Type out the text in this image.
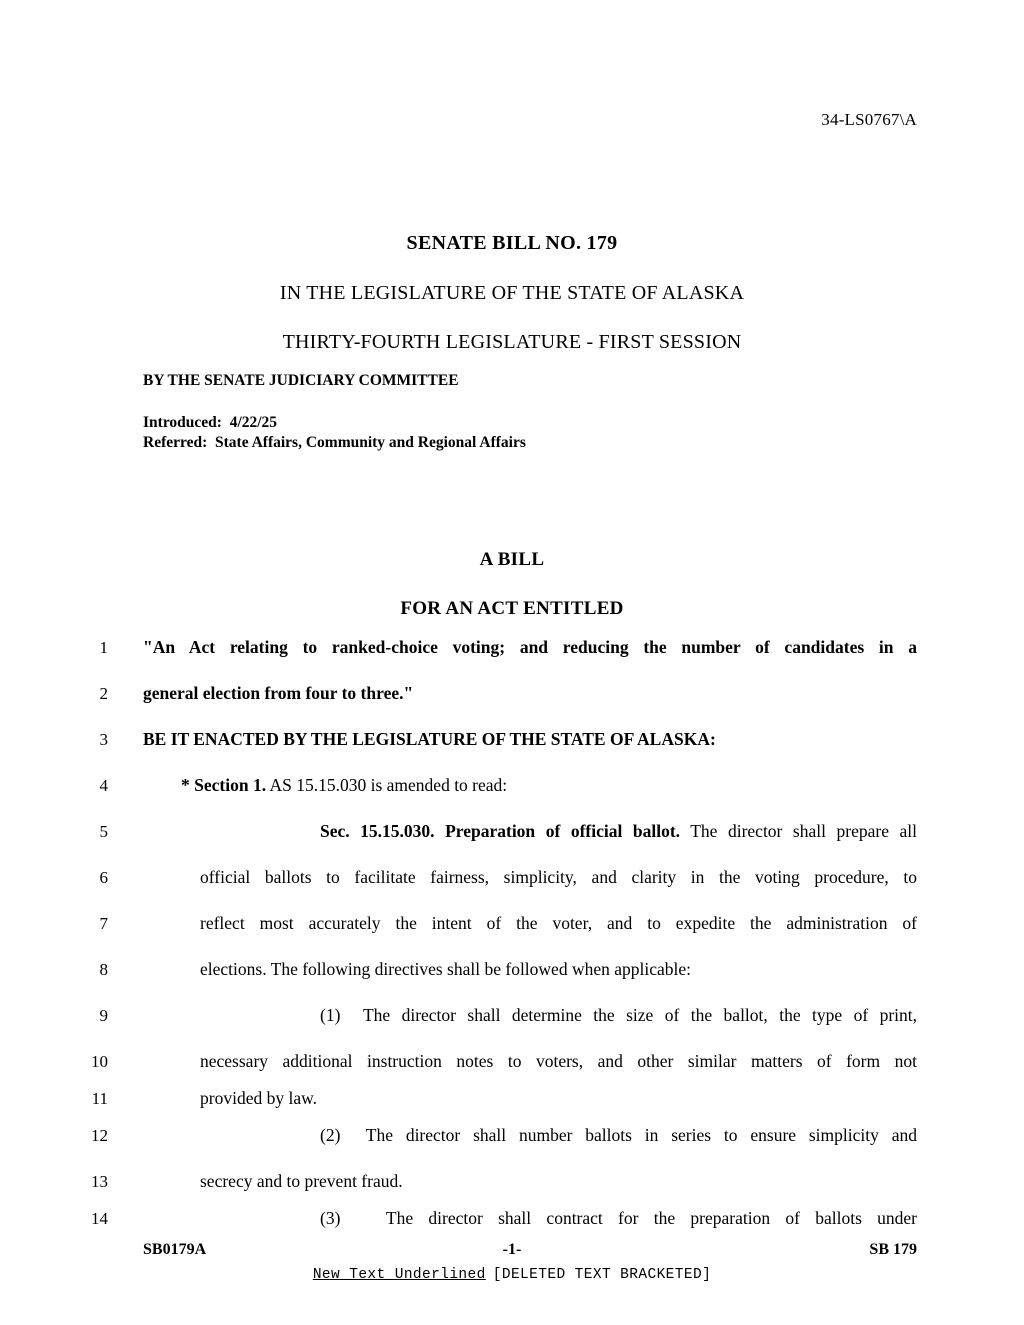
34-LS0767\A
SENATE BILL NO. 179
IN THE LEGISLATURE OF THE STATE OF ALASKA
THIRTY-FOURTH LEGISLATURE - FIRST SESSION
BY THE SENATE JUDICIARY COMMITTEE
Introduced:  4/22/25
Referred:  State Affairs, Community and Regional Affairs
A BILL
FOR AN ACT ENTITLED
1 "An Act relating to ranked-choice voting; and reducing the number of candidates in a
2 general election from four to three."
3 BE IT ENACTED BY THE LEGISLATURE OF THE STATE OF ALASKA:
4	* Section 1. AS 15.15.030 is amended to read:
5	Sec. 15.15.030. Preparation of official ballot. The director shall prepare all
6	official ballots to facilitate fairness, simplicity, and clarity in the voting procedure, to
7	reflect most accurately the intent of the voter, and to expedite the administration of
8	elections. The following directives shall be followed when applicable:
9	(1)  The director shall determine the size of the ballot, the type of print,
10	necessary additional instruction notes to voters, and other similar matters of form not
11	provided by law.
12	(2)  The director shall number ballots in series to ensure simplicity and
13	secrecy and to prevent fraud.
14	(3)   The director shall contract for the preparation of ballots under
SB0179A	-1-	SB 179
New Text Underlined [DELETED TEXT BRACKETED]
